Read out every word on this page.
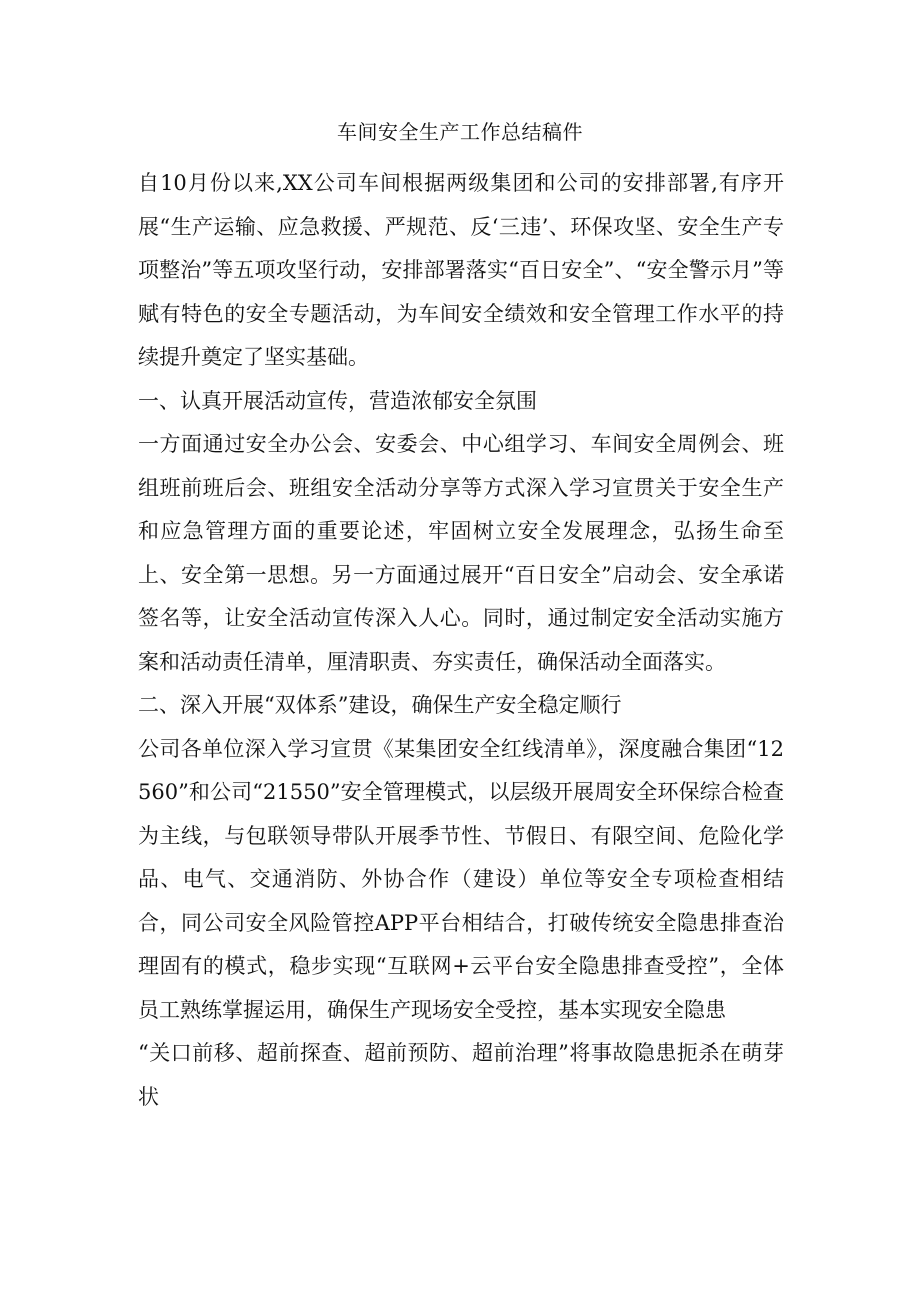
车间安全生产工作总结稿件

自10月份以来,XX公司车间根据两级集团和公司的安排部署,有序开展“生产运输、应急救援、严规范、反‘三违’、环保攻坚、安全生产专项整治”等五项攻坚行动，安排部署落实“百日安全”、“安全警示月”等赋有特色的安全专题活动，为车间安全绩效和安全管理工作水平的持续提升奠定了坚实基础。

一、认真开展活动宣传，营造浓郁安全氛围

一方面通过安全办公会、安委会、中心组学习、车间安全周例会、班组班前班后会、班组安全活动分享等方式深入学习宣贯关于安全生产和应急管理方面的重要论述，牢固树立安全发展理念，弘扬生命至上、安全第一思想。另一方面通过展开“百日安全”启动会、安全承诺签名等，让安全活动宣传深入人心。同时，通过制定安全活动实施方案和活动责任清单，厘清职责、夯实责任，确保活动全面落实。

二、深入开展“双体系”建设，确保生产安全稳定顺行

公司各单位深入学习宣贯《某集团安全红线清单》，深度融合集团“12560”和公司“21550”安全管理模式，以层级开展周安全环保综合检查为主线，与包联领导带队开展季节性、节假日、有限空间、危险化学品、电气、交通消防、外协合作（建设）单位等安全专项检查相结合，同公司安全风险管控APP平台相结合，打破传统安全隐患排查治理固有的模式，稳步实现“互联网+云平台安全隐患排查受控”，全体员工熟练掌握运用，确保生产现场安全受控，基本实现安全隐患

“关口前移、超前探查、超前预防、超前治理”将事故隐患扼杀在萌芽状
